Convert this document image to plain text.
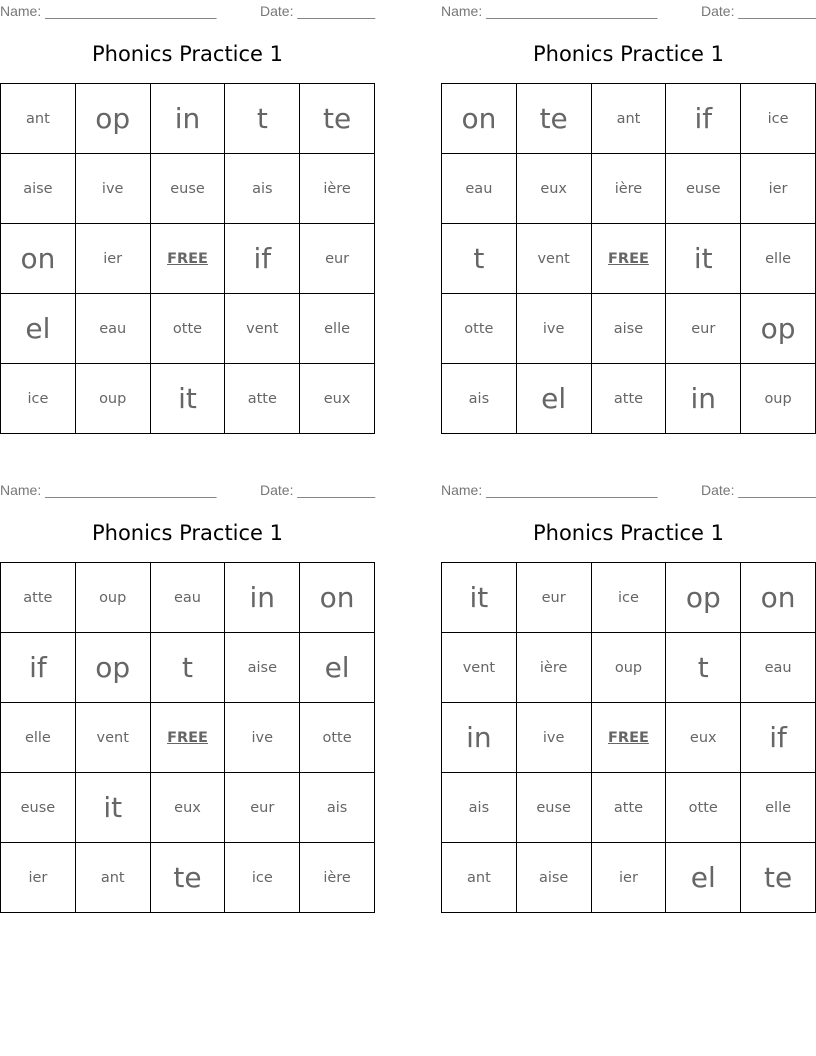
Name: ______________________	Date: __________
Phonics Practice 1
ant	op	in	t	te
aise	ive	euse	ais	ière
on	ier	FREE	if	eur
el	eau	otte	vent	elle
ice	oup	it	atte	eux
Name: ______________________	Date: __________
Phonics Practice 1
on	te	ant	if	ice
eau	eux	ière	euse	ier
t	vent	FREE	it	elle
otte	ive	aise	eur	op
ais	el	atte	in	oup
Name: ______________________	Date: __________
Phonics Practice 1
atte	oup	eau	in	on
if	op	t	aise	el
elle	vent	FREE	ive	otte
euse	it	eux	eur	ais
ier	ant	te	ice	ière
Name: ______________________	Date: __________
Phonics Practice 1
it	eur	ice	op	on
vent	ière	oup	t	eau
in	ive	FREE	eux	if
ais	euse	atte	otte	elle
ant	aise	ier	el	te
